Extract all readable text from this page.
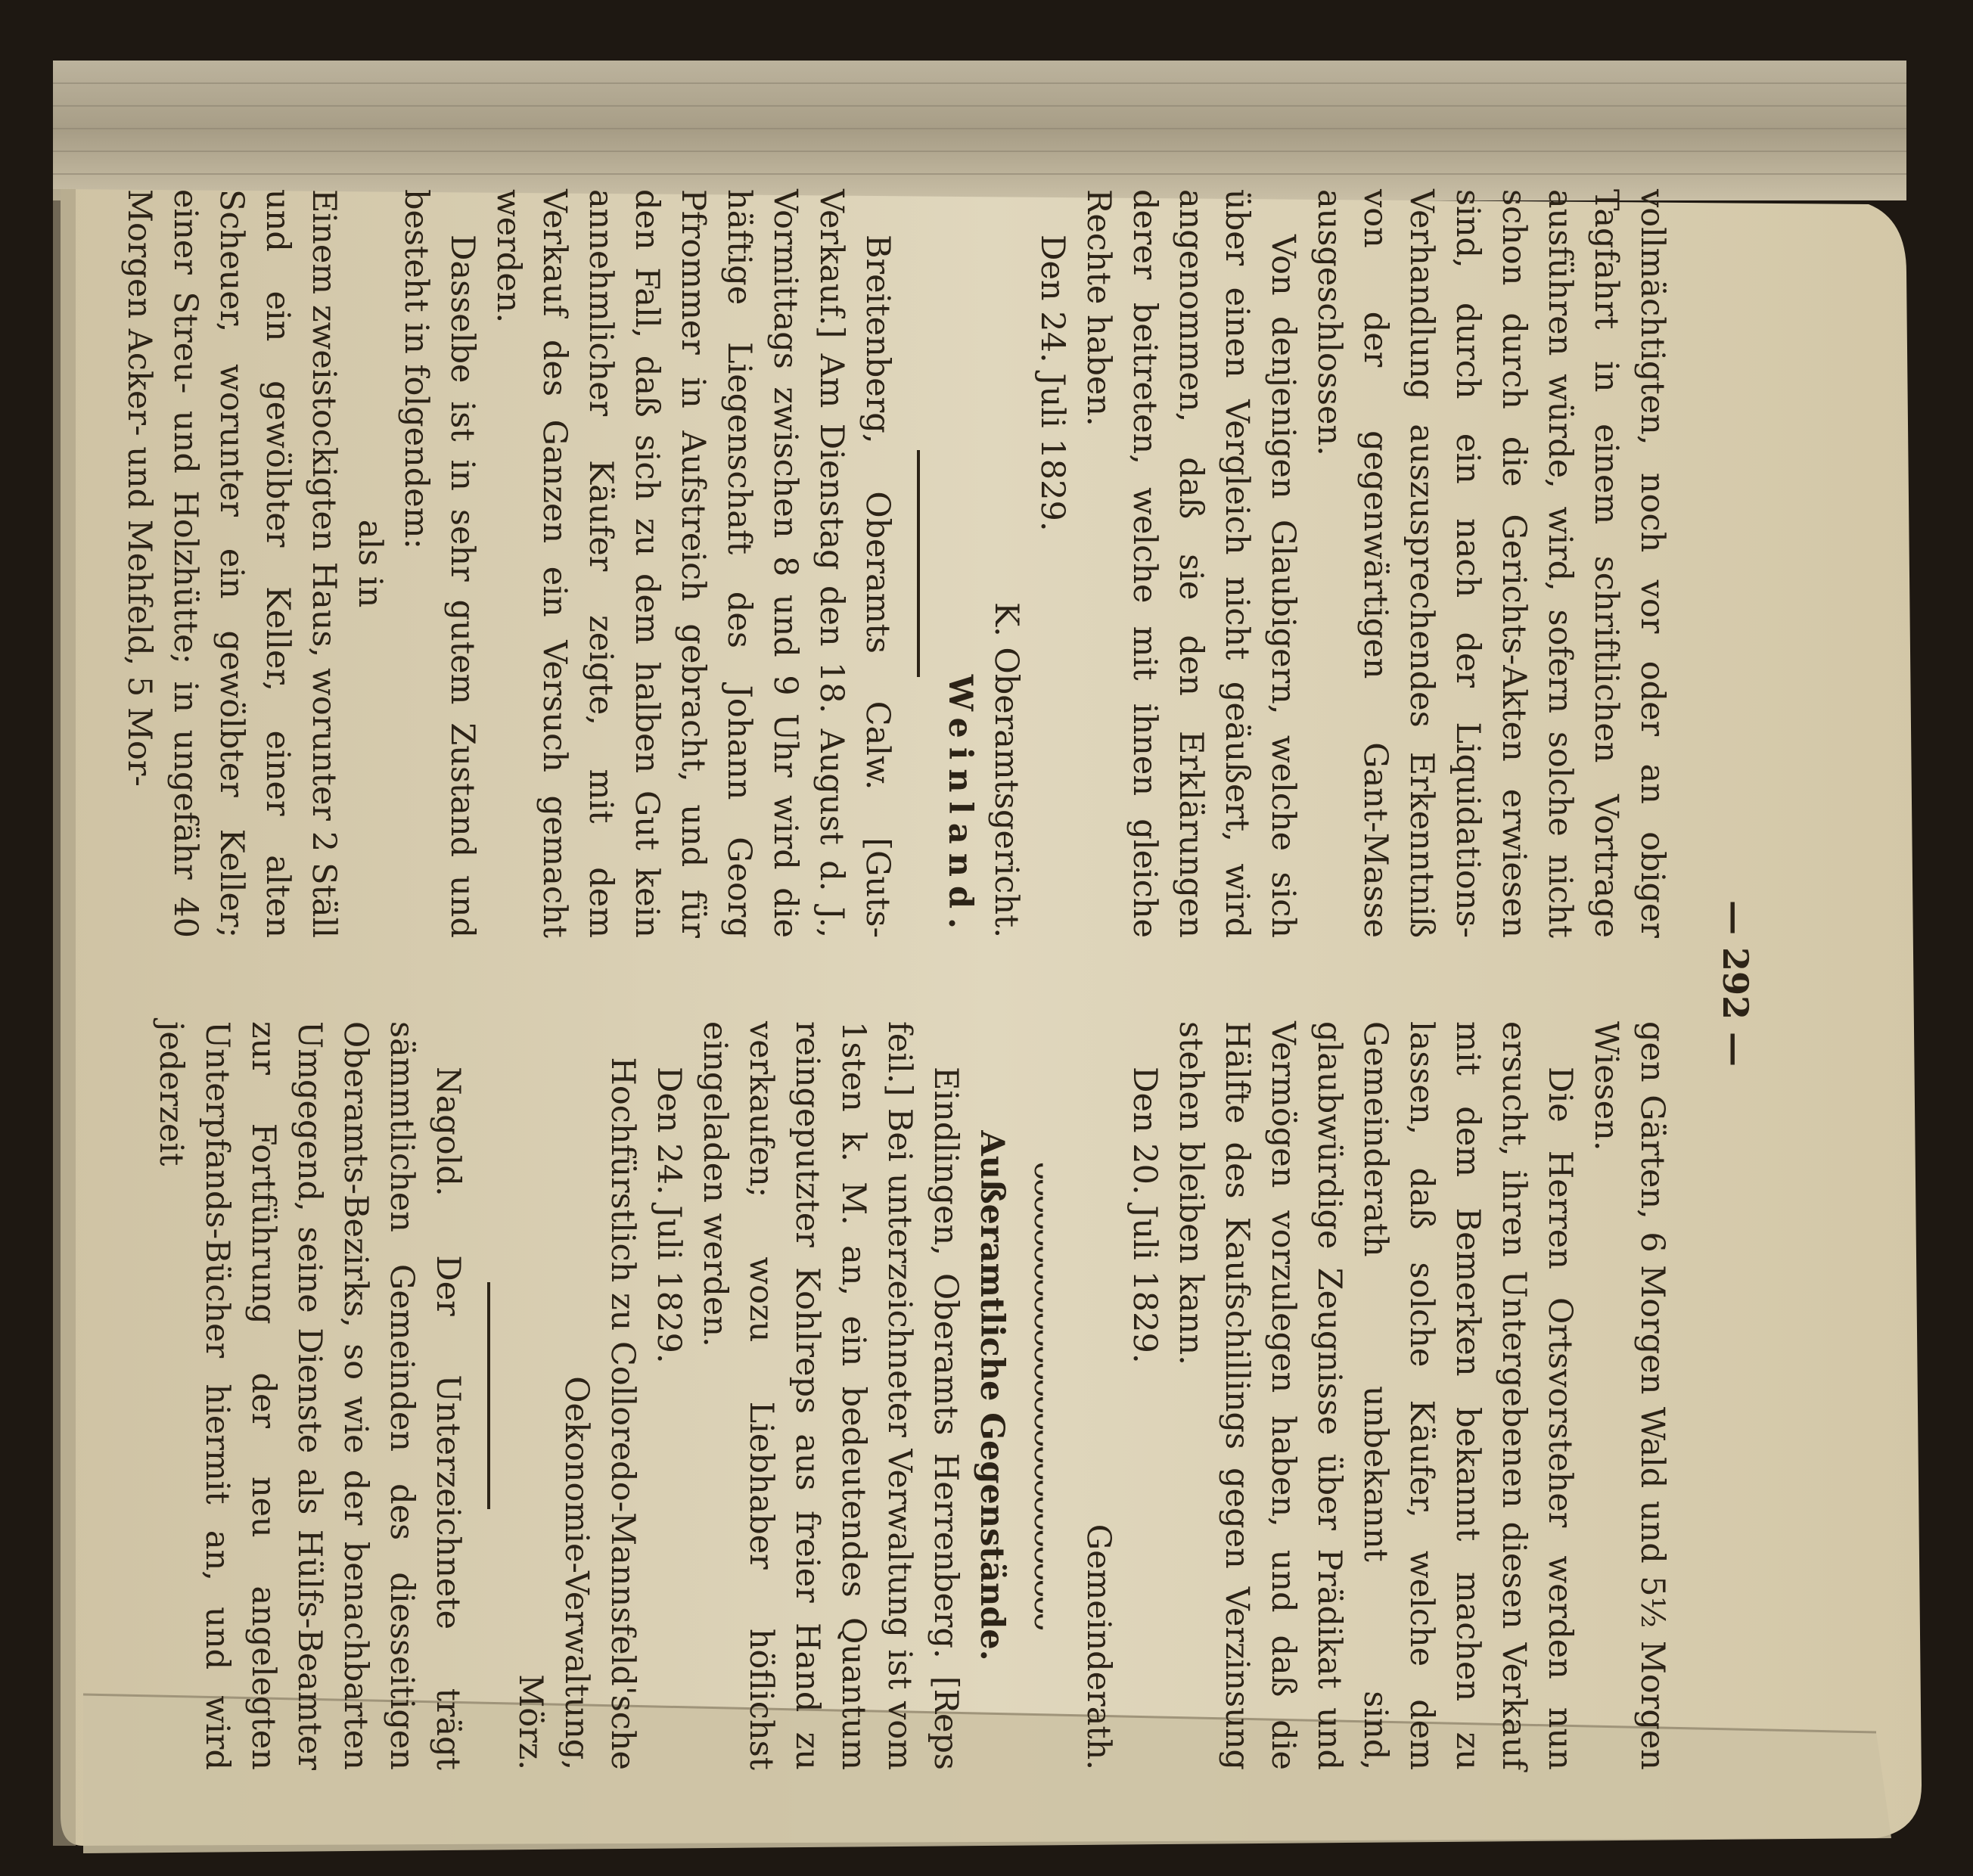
— 292 —

vollmächtigten, noch vor oder an obiger Tagfahrt in einem schriftlichen Vortrage ausführen würde, wird, sofern solche nicht schon durch die Gerichts-Akten erwiesen sind, durch ein nach der Liquidations-Verhandlung auszusprechendes Erkenntniß von der gegenwärtigen Gant-Masse ausgeschlossen.

Von denjenigen Glaubigern, welche sich über einen Vergleich nicht geäußert, wird angenommen, daß sie den Erklärungen derer beitreten, welche mit ihnen gleiche Rechte haben.

Den 24. Juli 1829.

K. Oberamtsgericht.

Weinland.

Breitenberg, Oberamts Calw. [Guts-Verkauf.] Am Dienstag den 18. August d. J., Vormittags zwischen 8 und 9 Uhr wird die häftige Liegenschaft des Johann Georg Pfrommer in Aufstreich gebracht, und für den Fall, daß sich zu dem halben Gut kein annehmlicher Käufer zeigte, mit dem Verkauf des Ganzen ein Versuch gemacht werden.

Dasselbe ist in sehr gutem Zustand und besteht in folgendem:

als in

Einem zweistockigten Haus, worunter 2 Ställ und ein gewölbter Keller, einer alten Scheuer, worunter ein gewölbter Keller; einer Streu- und Holzhütte; in ungefähr 40 Morgen Acker- und Mehfeld, 5 Mor-

gen Gärten, 6 Morgen Wald und 5½ Morgen Wiesen.

Die Herren Ortsvorsteher werden nun ersucht, ihren Untergebenen diesen Verkauf mit dem Bemerken bekannt machen zu lassen, daß solche Käufer, welche dem Gemeinderath unbekannt sind, glaubwürdige Zeugnisse über Prädikat und Vermögen vorzulegen haben, und daß die Hälfte des Kaufschillings gegen Verzinsung stehen bleiben kann.

Den 20. Juli 1829.

Gemeinderath.

ᴗᴗᴗᴗᴗᴗᴗᴗᴗᴗᴗᴗᴗᴗᴗᴗᴗᴗᴗᴗᴗᴗᴗᴗᴗᴗᴗᴗ

Außeramtliche Gegenstände.

Eindlingen, Oberamts Herrenberg. [Reps feil.] Bei unterzeichneter Verwaltung ist vom 1sten k. M. an, ein bedeutendes Quantum reingeputzter Kohlreps aus freier Hand zu verkaufen; wozu Liebhaber höflichst eingeladen werden.

Den 24. Juli 1829.

Hochfürstlich zu Colloredo-Mannsfeld'sche Oekonomie-Verwaltung,

Mörz.

Nagold. Der Unterzeichnete trägt sämmtlichen Gemeinden des diesseitigen Oberamts-Bezirks, so wie der benachbarten Umgegend, seine Dienste als Hülfs-Beamter zur Fortführung der neu angelegten Unterpfands-Bücher hiermit an, und wird jederzeit
